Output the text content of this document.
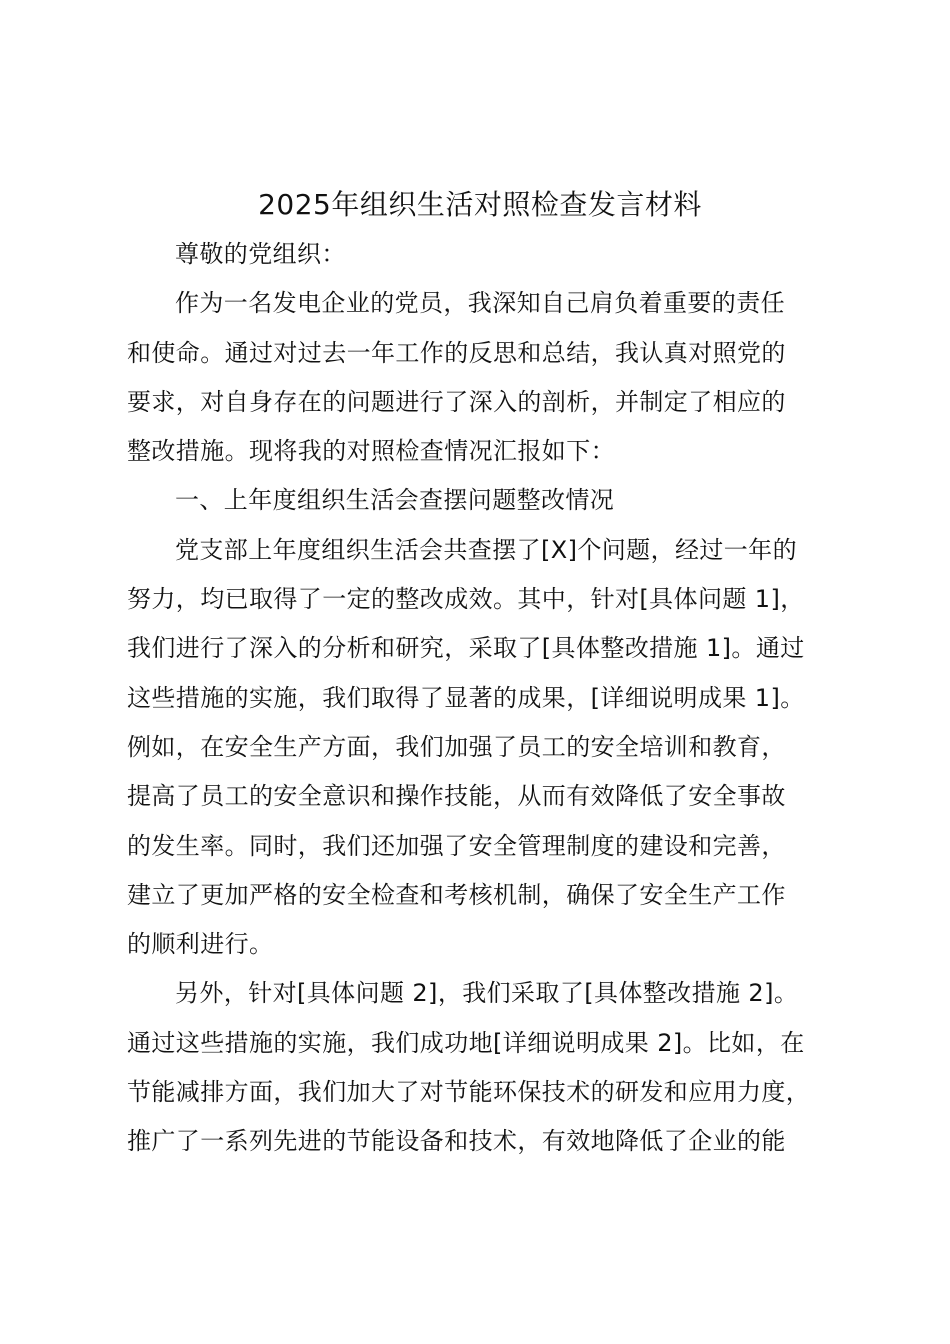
2025年组织生活对照检查发言材料

尊敬的党组织：

作为一名发电企业的党员，我深知自己肩负着重要的责任
和使命。通过对过去一年工作的反思和总结，我认真对照党的
要求，对自身存在的问题进行了深入的剖析，并制定了相应的
整改措施。现将我的对照检查情况汇报如下：

一、上年度组织生活会查摆问题整改情况

党支部上年度组织生活会共查摆了[X]个问题，经过一年的
努力，均已取得了一定的整改成效。其中，针对[具体问题 1]，
我们进行了深入的分析和研究，采取了[具体整改措施 1]。通过
这些措施的实施，我们取得了显著的成果，[详细说明成果 1]。
例如，在安全生产方面，我们加强了员工的安全培训和教育，
提高了员工的安全意识和操作技能，从而有效降低了安全事故
的发生率。同时，我们还加强了安全管理制度的建设和完善，
建立了更加严格的安全检查和考核机制，确保了安全生产工作
的顺利进行。

另外，针对[具体问题 2]，我们采取了[具体整改措施 2]。
通过这些措施的实施，我们成功地[详细说明成果 2]。比如，在
节能减排方面，我们加大了对节能环保技术的研发和应用力度，
推广了一系列先进的节能设备和技术，有效地降低了企业的能
